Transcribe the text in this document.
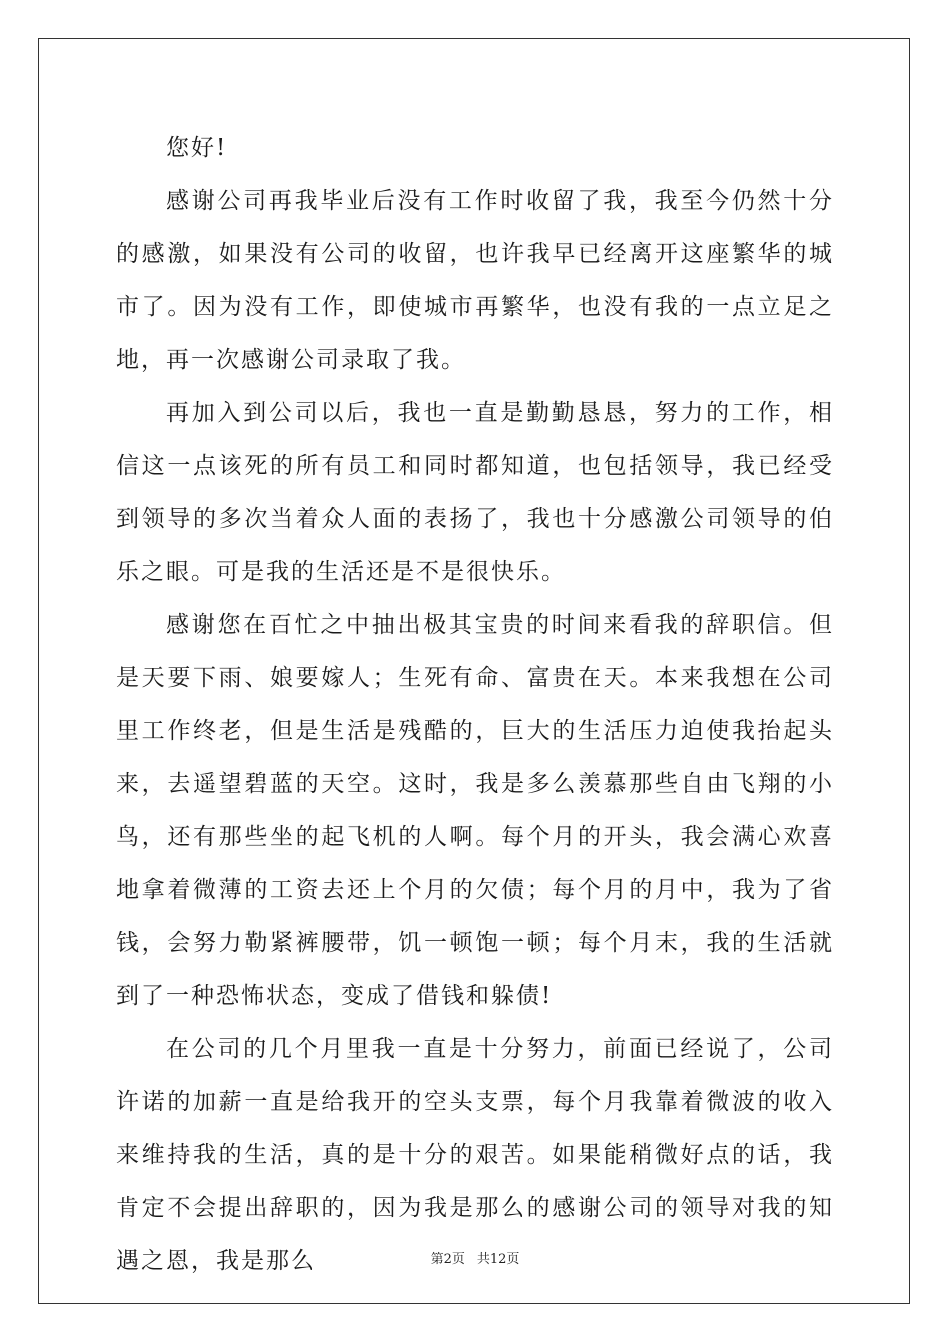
您好!

感谢公司再我毕业后没有工作时收留了我，我至今仍然十分的感激，如果没有公司的收留，也许我早已经离开这座繁华的城市了。因为没有工作，即使城市再繁华，也没有我的一点立足之地，再一次感谢公司录取了我。

再加入到公司以后，我也一直是勤勤恳恳，努力的工作，相信这一点该死的所有员工和同时都知道，也包括领导，我已经受到领导的多次当着众人面的表扬了，我也十分感激公司领导的伯乐之眼。可是我的生活还是不是很快乐。

感谢您在百忙之中抽出极其宝贵的时间来看我的辞职信。但是天要下雨、娘要嫁人；生死有命、富贵在天。本来我想在公司里工作终老，但是生活是残酷的，巨大的生活压力迫使我抬起头来，去遥望碧蓝的天空。这时，我是多么羡慕那些自由飞翔的小鸟，还有那些坐的起飞机的人啊。每个月的开头，我会满心欢喜地拿着微薄的工资去还上个月的欠债；每个月的月中，我为了省钱，会努力勒紧裤腰带，饥一顿饱一顿；每个月末，我的生活就到了一种恐怖状态，变成了借钱和躲债!

在公司的几个月里我一直是十分努力，前面已经说了，公司许诺的加薪一直是给我开的空头支票，每个月我靠着微波的收入来维持我的生活，真的是十分的艰苦。如果能稍微好点的话，我肯定不会提出辞职的，因为我是那么的感谢公司的领导对我的知遇之恩，我是那么	第2页 共12页
